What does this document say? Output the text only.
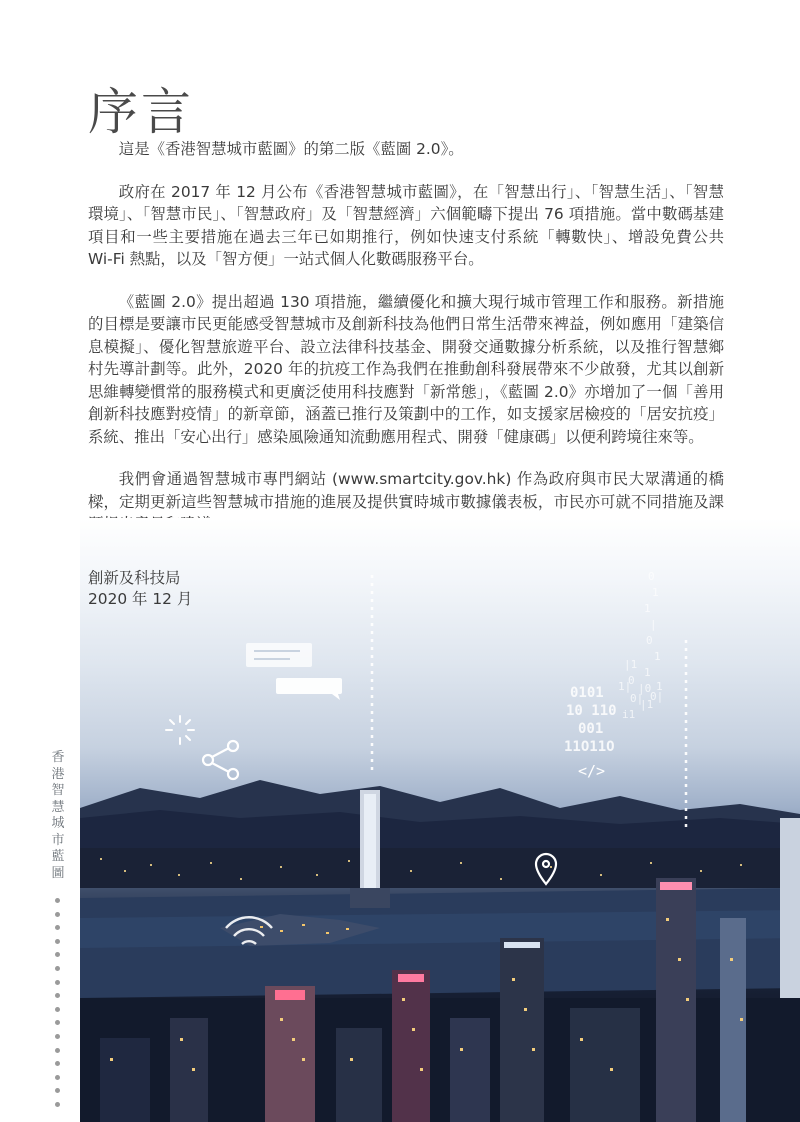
序言

這是《香港智慧城市藍圖》的第二版《藍圖 2.0》。

政府在 2017 年 12 月公布《香港智慧城市藍圖》，在「智慧出行」、「智慧生活」、「智慧環境」、「智慧市民」、「智慧政府」及「智慧經濟」六個範疇下提出 76 項措施。當中數碼基建項目和一些主要措施在過去三年已如期推行，例如快速支付系統「轉數快」、增設免費公共 Wi-Fi 熱點，以及「智方便」一站式個人化數碼服務平台。

《藍圖 2.0》提出超過 130 項措施，繼續優化和擴大現行城市管理工作和服務。新措施的目標是要讓市民更能感受智慧城市及創新科技為他們日常生活帶來裨益，例如應用「建築信息模擬」、優化智慧旅遊平台、設立法律科技基金、開發交通數據分析系統，以及推行智慧鄉村先導計劃等。此外，2020 年的抗疫工作為我們在推動創科發展帶來不少啟發，尤其以創新思維轉變慣常的服務模式和更廣泛使用科技應對「新常態」，《藍圖 2.0》亦增加了一個「善用創新科技應對疫情」的新章節，涵蓋已推行及策劃中的工作，如支援家居檢疫的「居安抗疫」系統、推出「安心出行」感染風險通知流動應用程式、開發「健康碼」以便利跨境往來等。

我們會通過智慧城市專門網站 (www.smartcity.gov.hk) 作為政府與市民大眾溝通的橋樑，定期更新這些智慧城市措施的進展及提供實時城市數據儀表板，市民亦可就不同措施及課

0101
10 110
001
11O11O
</>
0
1
1
|
0
1
|1
0
1
|0
0|
1|
|1
0|
1
i1
創新及科技局
2020 年 12 月
香
港
智
慧
城
市
藍
圖
